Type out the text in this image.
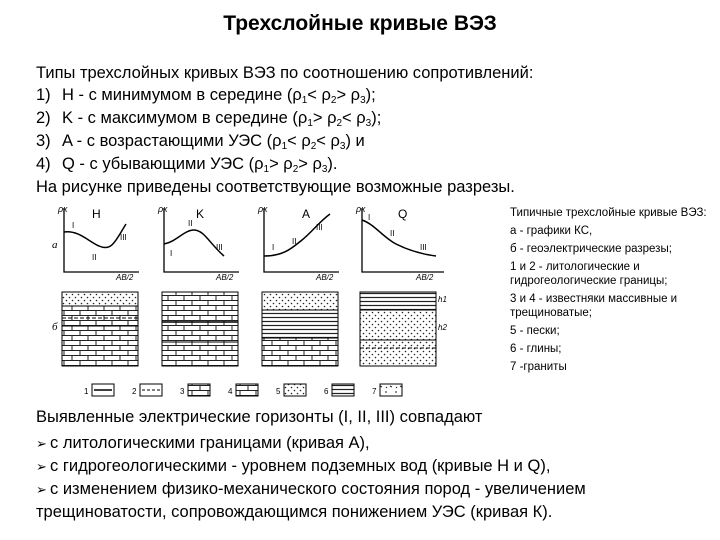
Трехслойные кривые ВЭЗ
Типы трехслойных кривых ВЭЗ по соотношению сопротивлений:
1) H - с минимумом в середине $(\rho_1< \rho_2> \rho_3)$;
2) K - с максимумом в середине $(\rho_1> \rho_2< \rho_3)$;
3) A - с возрастающими УЭС $(\rho_1< \rho_2< \rho_3)$ и
4) Q - с убывающими УЭС $(\rho_1> \rho_2> \rho_3)$.
На рисунке приведены соответствующие возможные разрезы.
а
б
ρк H
AB/2
I
II
III
ρк K
AB/2
I
II
III
ρк	A
AB/2
I
II
III
ρк	Q
AB/2
I
II
III
h1
h2
1	2	3	4	5	6	7

Типичные трехслойные кривые ВЭЗ:

а - графики КС,

б - геоэлектрические разрезы;

1 и 2 - литологические и гидрогеологические границы;

3 и 4 - известняки массивные и трещиноватые;

5 - пески;

6 - глины;

7 -граниты

Выявленные электрические горизонты (I, II, III) совпадают
➢ с литологическими границами (кривая А),
➢ с гидрогеологическими - уровнем подземных вод (кривые H и Q),
➢ с изменением физико-механического состояния пород - увеличением трещиноватости, сопровождающимся понижением УЭС (кривая К).
